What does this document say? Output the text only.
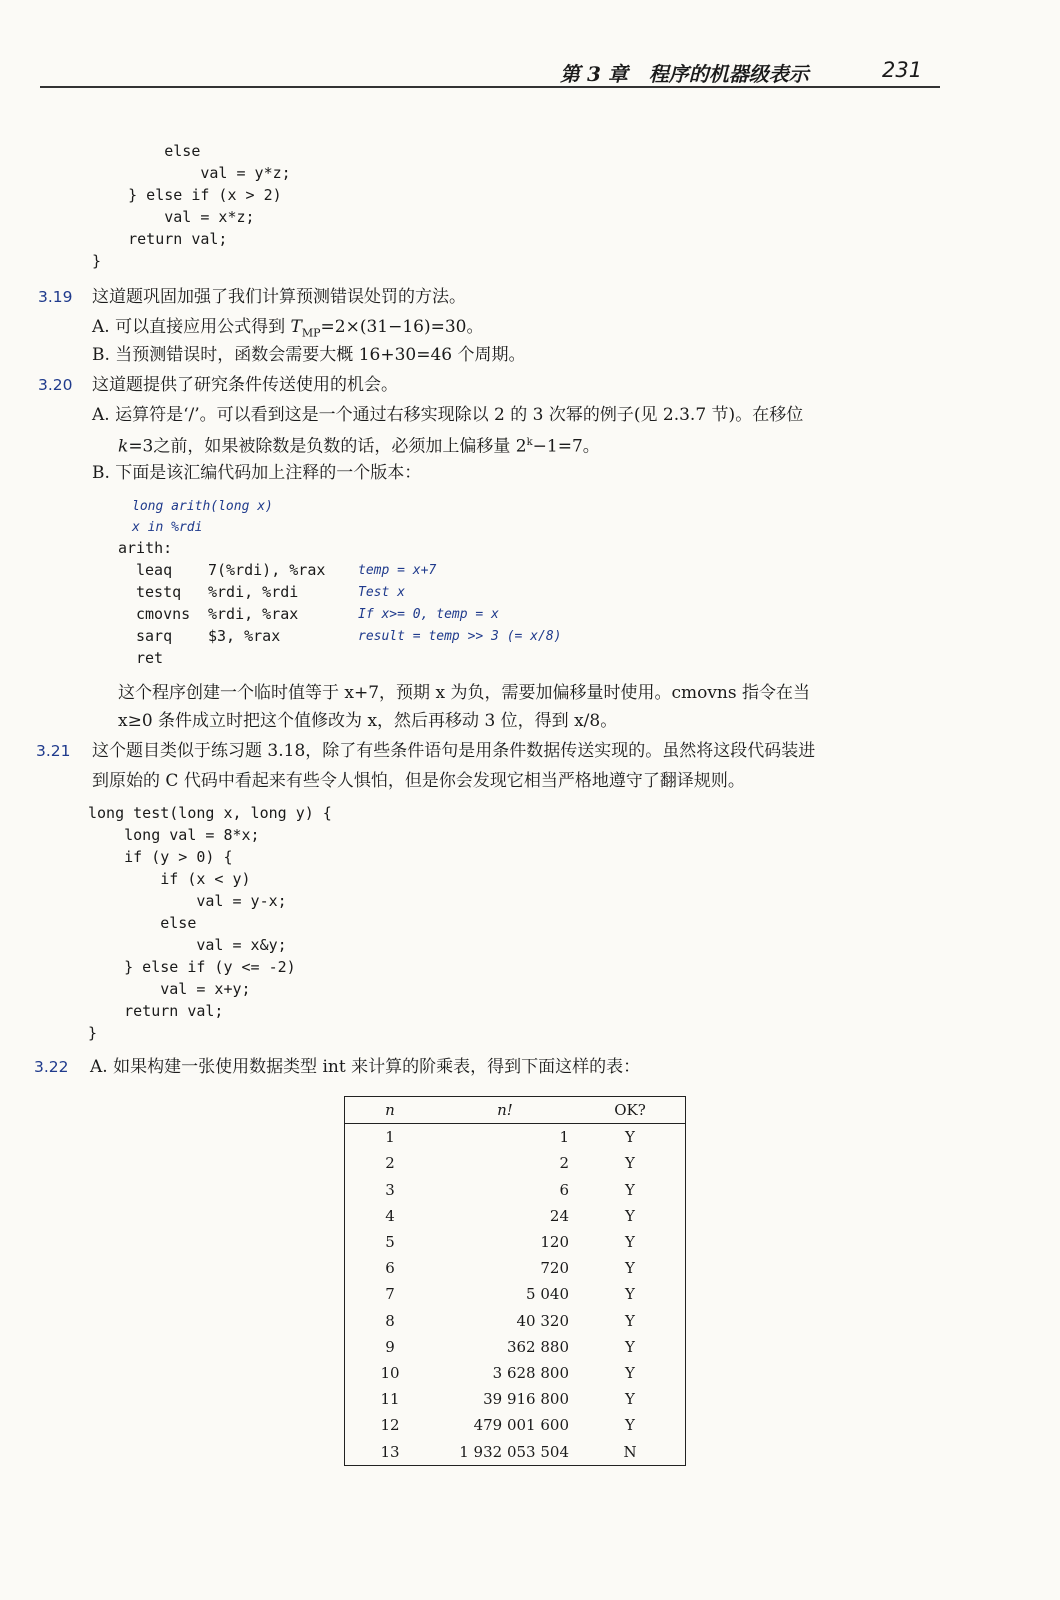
第 3 章   程序的机器级表示	231
else
val = y*z;
} else if (x > 2)
val = x*z;
return val;
}
3.19 这道题巩固加强了我们计算预测错误处罚的方法。
A. 可以直接应用公式得到 $T_{MP}=2\times(31-16)=30$。
B. 当预测错误时，函数会需要大概 16+30=46 个周期。
3.20 这道题提供了研究条件传送使用的机会。
A. 运算符是‘/’。可以看到这是一个通过右移实现除以 2 的 3 次幂的例子(见 2.3.7 节)。在移位
k=3之前，如果被除数是负数的话，必须加上偏移量 $2^k-1=7$。
B. 下面是该汇编代码加上注释的一个版本：
long arith(long x)
x in %rdi
arith:
leaq	7(%rdi), %rax	temp = x+7
testq	%rdi, %rdi	Test x
cmovns	%rdi, %rax	If x>= 0, temp = x
sarq	$3, %rax	result = temp >> 3 (= x/8)
ret		
这个程序创建一个临时值等于 x+7，预期 x 为负，需要加偏移量时使用。cmovns 指令在当
x≥0 条件成立时把这个值修改为 x，然后再移动 3 位，得到 x/8。
3.21 这个题目类似于练习题 3.18，除了有些条件语句是用条件数据传送实现的。虽然将这段代码装进
到原始的 C 代码中看起来有些令人惧怕，但是你会发现它相当严格地遵守了翻译规则。
long test(long x, long y) {
long val = 8*x;
if (y > 0) {
if (x < y)
val = y-x;
else
val = x&y;
} else if (y <= -2)
val = x+y;
return val;
}
3.22 A. 如果构建一张使用数据类型 int 来计算的阶乘表，得到下面这样的表：
n	n!	OK?
1	1	Y
2	2	Y
3	6	Y
4	24	Y
5	120	Y
6	720	Y
7	5 040	Y
8	40 320	Y
9	362 880	Y
10	3 628 800	Y
11	39 916 800	Y
12	479 001 600	Y
13	1 932 053 504	N
